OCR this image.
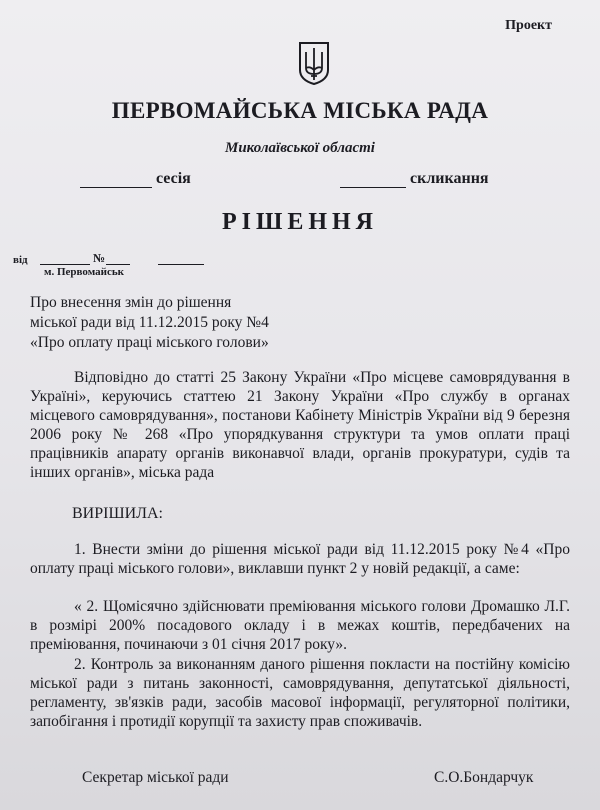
Проект
ПЕРВОМАЙСЬКА МІСЬКА РАДА
Миколаївської області
сесія	скликання
РІШЕННЯ
від	№
м. Первомайськ
Про внесення змін до рішення
міської ради від 11.12.2015 року №4
«Про оплату праці міського голови»
Відповідно до статті 25 Закону України «Про місцеве самоврядування в Україні», керуючись статтею 21 Закону України «Про службу в органах місцевого самоврядування», постанови Кабінету Міністрів України від 9 березня 2006 року № 268 «Про упорядкування структури та умов оплати праці працівників апарату органів виконавчої влади, органів прокуратури, судів та інших органів», міська рада
ВИРІШИЛА:
1. Внести зміни до рішення міської ради від 11.12.2015 року №4 «Про оплату праці міського голови», виклавши пункт 2 у новій редакції, а саме:
« 2. Щомісячно здійснювати преміювання міського голови Дромашко Л.Г. в розмірі 200% посадового окладу і в межах коштів, передбачених на преміювання, починаючи з 01 січня 2017 року».
2. Контроль за виконанням даного рішення покласти на постійну комісію міської ради з питань законності, самоврядування, депутатської діяльності, регламенту, зв'язків ради, засобів масової інформації, регуляторної політики, запобігання і протидії корупції та захисту прав споживачів.
Секретар міської ради	С.О.Бондарчук
